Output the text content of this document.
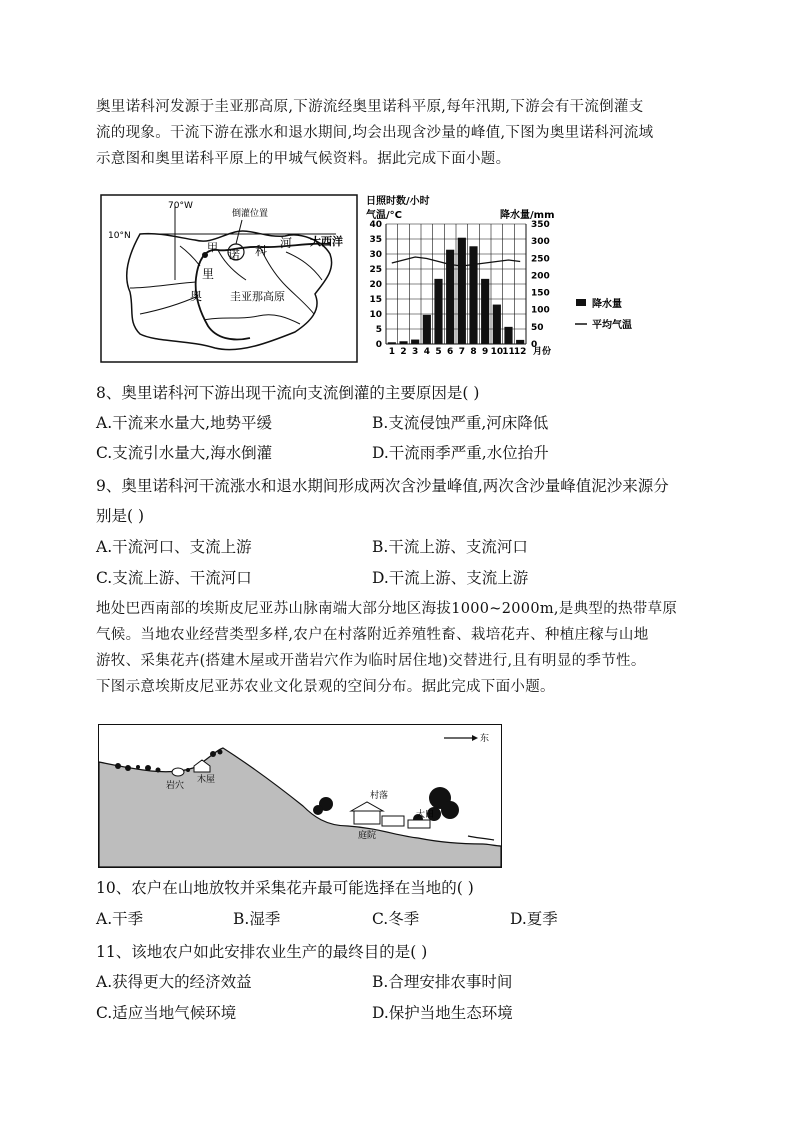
奥里诺科河发源于圭亚那高原,下游流经奥里诺科平原,每年汛期,下游会有干流倒灌支
流的现象。干流下游在涨水和退水期间,均会出现含沙量的峰值,下图为奥里诺科河流域
示意图和奥里诺科平原上的甲城气候资料。据此完成下面小题。
70°W
10°N
倒灌位置
甲
诺 科
河
里
奥
大西洋
圭亚那高原
日照时数/小时
气温/°C	降水量/mm
月份
0
5
10
15
20
25
30
35
40
0
50
100
150
200
250
300
350
1 2 3 4 5 6 7 8 9 10 11 12
降水量
平均气温
8、奥里诺科河下游出现干流向支流倒灌的主要原因是( )
A.干流来水量大,地势平缓	B.支流侵蚀严重,河床降低
C.支流引水量大,海水倒灌	D.干流雨季严重,水位抬升
9、奥里诺科河干流涨水和退水期间形成两次含沙量峰值,两次含沙量峰值泥沙来源分
别是( )
A.干流河口、支流上游	B.干流上游、支流河口
C.支流上游、干流河口	D.干流上游、支流上游
地处巴西南部的埃斯皮尼亚苏山脉南端大部分地区海拔1000~2000m,是典型的热带草原
气候。当地农业经营类型多样,农户在村落附近养殖牲畜、栽培花卉、种植庄稼与山地
游牧、采集花卉(搭建木屋或开凿岩穴作为临时居住地)交替进行,且有明显的季节性。
下图示意埃斯皮尼亚苏农业文化景观的空间分布。据此完成下面小题。
东
岩穴
木屋
村落
大田
庭院
10、农户在山地放牧并采集花卉最可能选择在当地的( )
A.干季	B.湿季	C.冬季	D.夏季
11、该地农户如此安排农业生产的最终目的是( )
A.获得更大的经济效益	B.合理安排农事时间
C.适应当地气候环境	D.保护当地生态环境
